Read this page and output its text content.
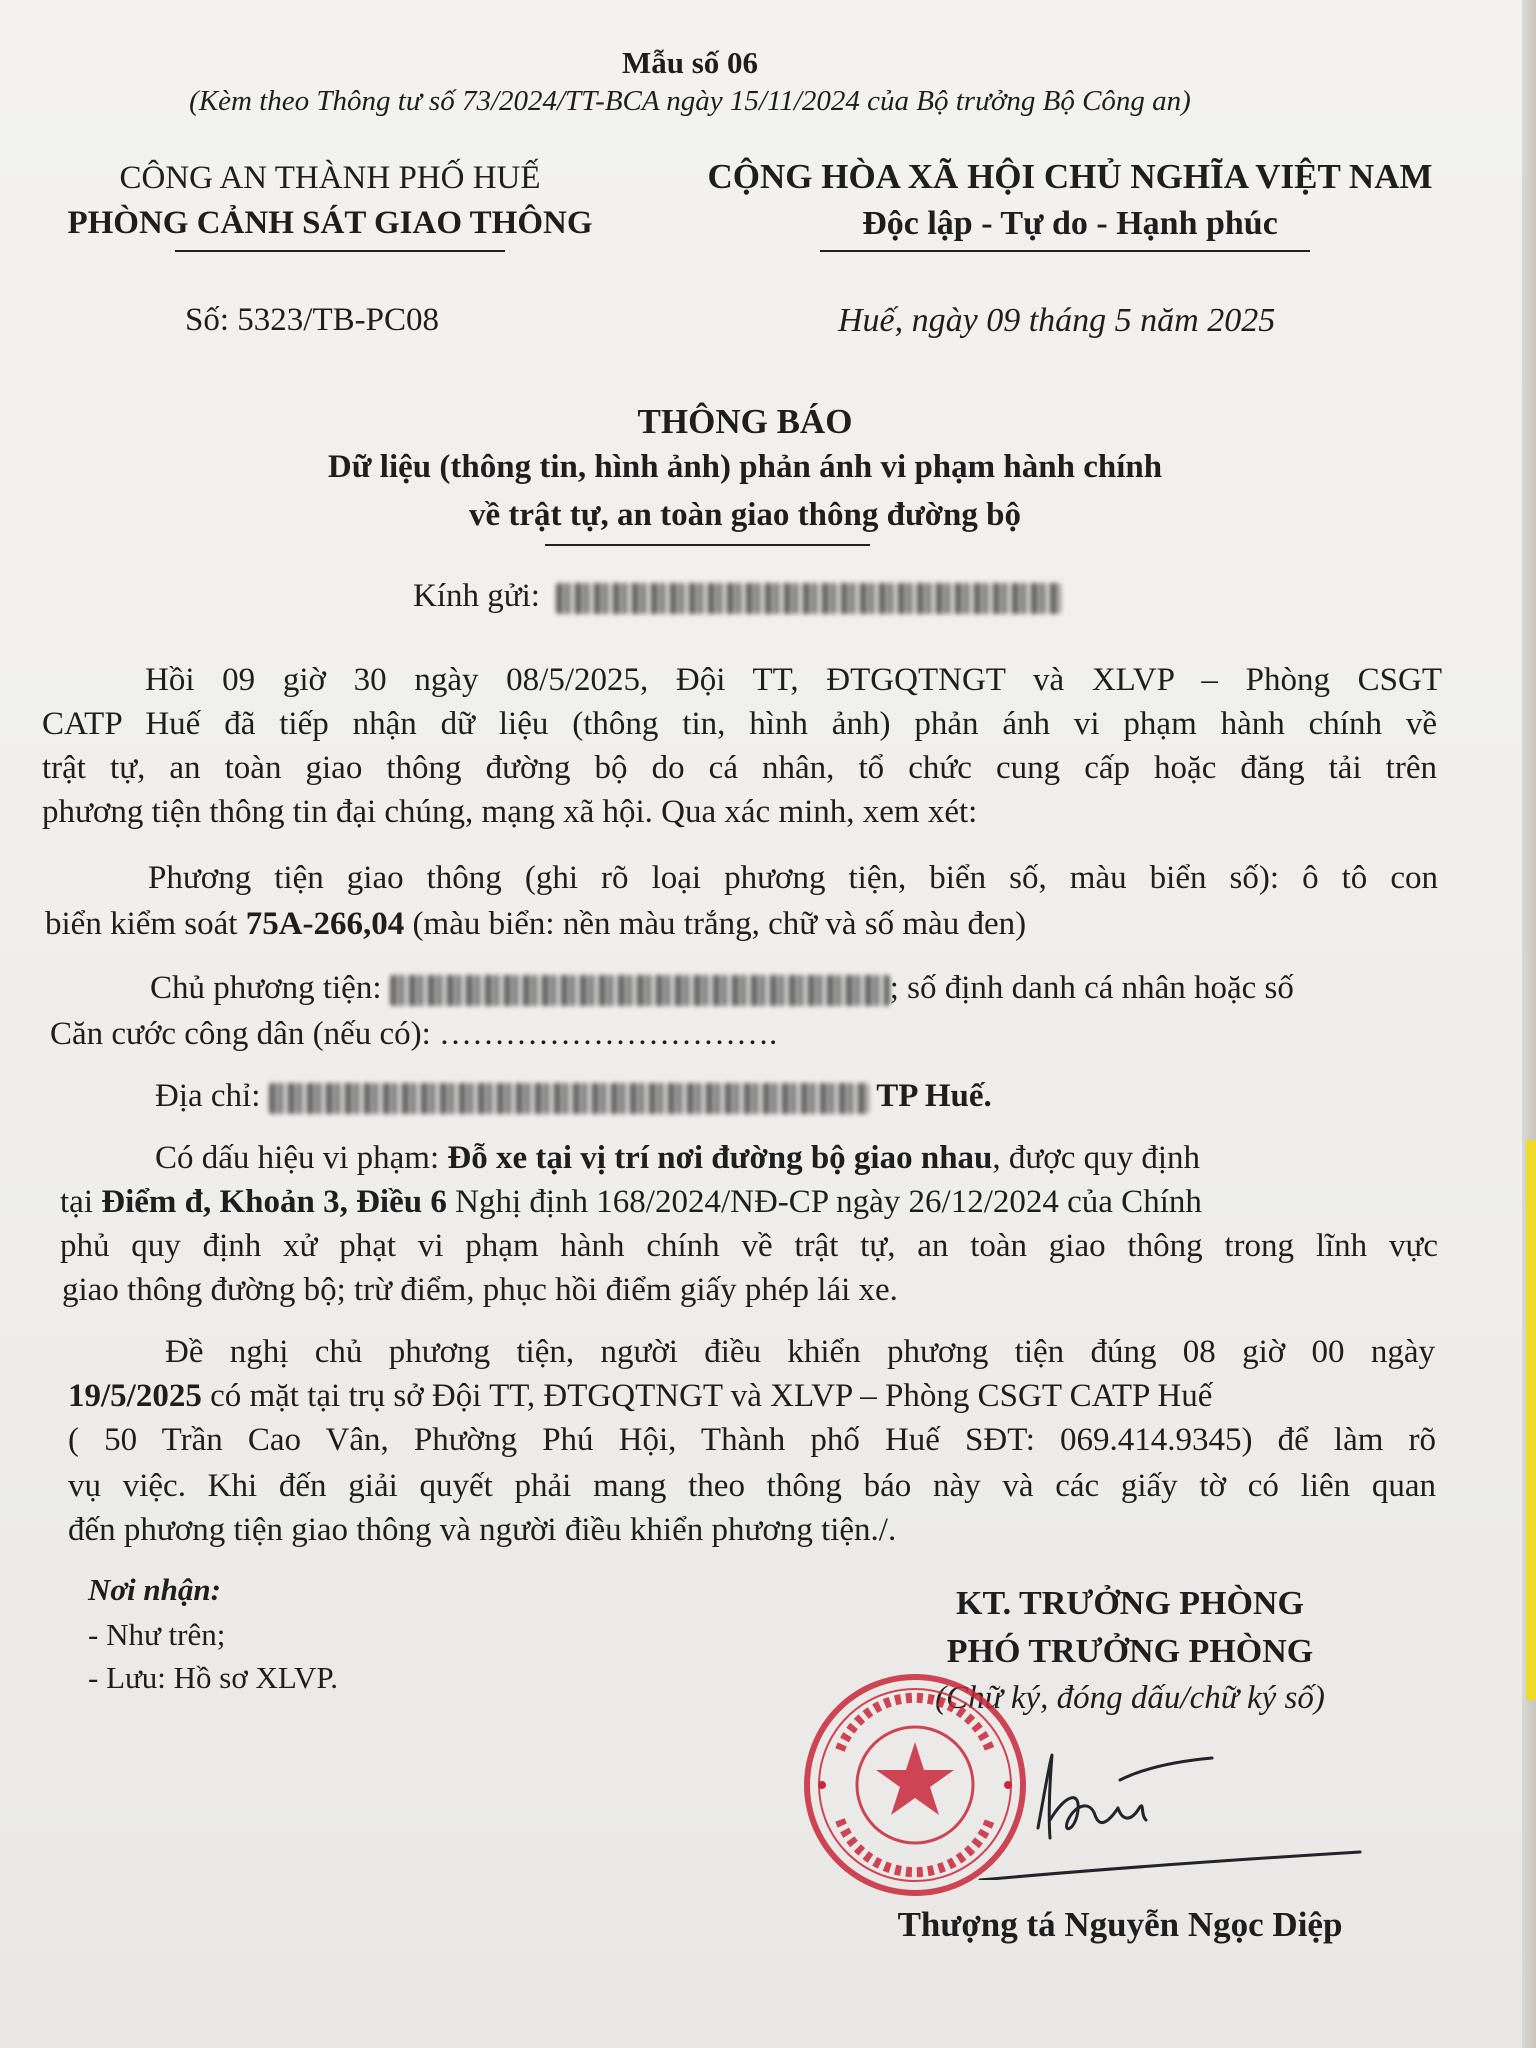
Mẫu số 06
(Kèm theo Thông tư số 73/2024/TT-BCA ngày 15/11/2024 của Bộ trưởng Bộ Công an)
CÔNG AN THÀNH PHỐ HUẾ
PHÒNG CẢNH SÁT GIAO THÔNG
Số: 5323/TB-PC08
CỘNG HÒA XÃ HỘI CHỦ NGHĨA VIỆT NAM
Độc lập - Tự do - Hạnh phúc
Huế, ngày 09 tháng 5 năm 2025
THÔNG BÁO
Dữ liệu (thông tin, hình ảnh) phản ánh vi phạm hành chính
về trật tự, an toàn giao thông đường bộ
Kính gửi:
Hồi 09 giờ 30 ngày 08/5/2025, Đội TT, ĐTGQTNGT và XLVP – Phòng CSGT
CATP Huế đã tiếp nhận dữ liệu (thông tin, hình ảnh) phản ánh vi phạm hành chính về
trật tự, an toàn giao thông đường bộ do cá nhân, tổ chức cung cấp hoặc đăng tải trên
phương tiện thông tin đại chúng, mạng xã hội. Qua xác minh, xem xét:
Phương tiện giao thông (ghi rõ loại phương tiện, biển số, màu biển số): ô tô con
biển kiểm soát 75A-266,04 (màu biển: nền màu trắng, chữ và số màu đen)
Chủ phương tiện:	; số định danh cá nhân hoặc số
Căn cước công dân (nếu có): ………………………….
Địa chỉ:	TP Huế.
Có dấu hiệu vi phạm: Đỗ xe tại vị trí nơi đường bộ giao nhau, được quy định
tại Điểm đ, Khoản 3, Điều 6 Nghị định 168/2024/NĐ-CP ngày 26/12/2024 của Chính
phủ quy định xử phạt vi phạm hành chính về trật tự, an toàn giao thông trong lĩnh vực
giao thông đường bộ; trừ điểm, phục hồi điểm giấy phép lái xe.
Đề nghị chủ phương tiện, người điều khiển phương tiện đúng 08 giờ 00 ngày
19/5/2025 có mặt tại trụ sở Đội TT, ĐTGQTNGT và XLVP – Phòng CSGT CATP Huế
( 50 Trần Cao Vân, Phường Phú Hội, Thành phố Huế SĐT: 069.414.9345) để làm rõ
vụ việc. Khi đến giải quyết phải mang theo thông báo này và các giấy tờ có liên quan
đến phương tiện giao thông và người điều khiển phương tiện./.
Nơi nhận:
- Như trên;
- Lưu: Hồ sơ XLVP.
KT. TRƯỞNG PHÒNG
PHÓ TRƯỞNG PHÒNG
(Chữ ký, đóng dấu/chữ ký số)
Thượng tá Nguyễn Ngọc Diệp
